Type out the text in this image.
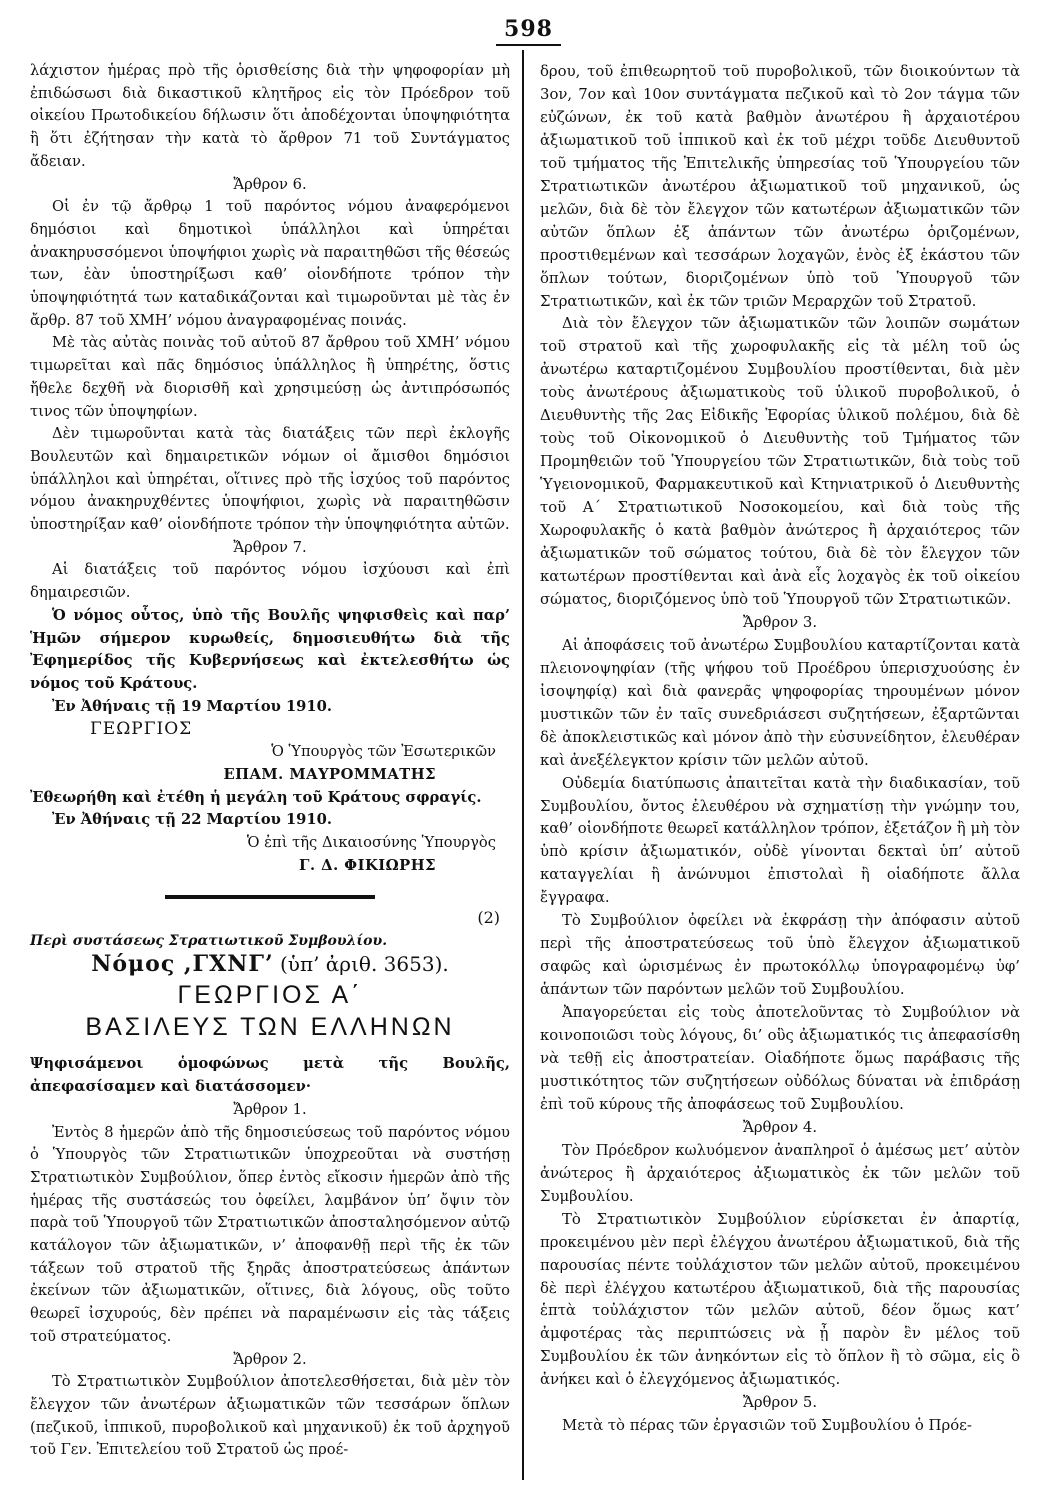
598

λάχιστον ἡμέρας πρὸ τῆς ὁρισθείσης διὰ τὴν ψηφοφορίαν μὴ ἐπιδώσωσι διὰ δικαστικοῦ κλητῆρος εἰς τὸν Πρόεδρον τοῦ οἰκείου Πρωτοδικείου δήλωσιν ὅτι ἀποδέχονται ὑποψηφιότητα ἢ ὅτι ἐζήτησαν τὴν κατὰ τὸ ἄρθρον 71 τοῦ Συντάγματος ἄδειαν.

Ἄρθρον 6.

Οἱ ἐν τῷ ἄρθρῳ 1 τοῦ παρόντος νόμου ἀναφερόμενοι δημόσιοι καὶ δημοτικοὶ ὑπάλληλοι καὶ ὑπηρέται ἀνακηρυσσόμενοι ὑποψήφιοι χωρὶς νὰ παραιτηθῶσι τῆς θέσεώς των, ἐὰν ὑποστηρίξωσι καθ’ οἱονδήποτε τρόπον τὴν ὑποψηφιότητά των καταδικάζονται καὶ τιμωροῦνται μὲ τὰς ἐν ἄρθρ. 87 τοῦ ΧΜΗ’ νόμου ἀναγραφομένας ποινάς.

Μὲ τὰς αὐτὰς ποινὰς τοῦ αὐτοῦ 87 ἄρθρου τοῦ ΧΜΗ’ νόμου τιμωρεῖται καὶ πᾶς δημόσιος ὑπάλληλος ἢ ὑπηρέτης, ὅστις ἤθελε δεχθῆ νὰ διορισθῆ καὶ χρησιμεύσῃ ὡς ἀντιπρόσωπός τινος τῶν ὑποψηφίων.

Δὲν τιμωροῦνται κατὰ τὰς διατάξεις τῶν περὶ ἐκλογῆς Βουλευτῶν καὶ δημαιρετικῶν νόμων οἱ ἄμισθοι δημόσιοι ὑπάλληλοι καὶ ὑπηρέται, οἵτινες πρὸ τῆς ἰσχύος τοῦ παρόντος νόμου ἀνακηρυχθέντες ὑποψήφιοι, χωρὶς νὰ παραιτηθῶσιν ὑποστηρίξαν καθ’ οἱονδήποτε τρόπον τὴν ὑποψηφιότητα αὐτῶν.

Ἄρθρον 7.

Αἱ διατάξεις τοῦ παρόντος νόμου ἰσχύουσι καὶ ἐπὶ δημαιρεσιῶν.

Ὁ νόμος οὗτος, ὑπὸ τῆς Βουλῆς ψηφισθεὶς καὶ παρ’ Ἡμῶν σήμερον κυρωθείς, δημοσιευθήτω διὰ τῆς Ἐφημερίδος τῆς Κυβερνήσεως καὶ ἐκτελεσθήτω ὡς νόμος τοῦ Κράτους.

Ἐν Ἀθήναις τῇ 19 Μαρτίου 1910.

ΓΕΩΡΓΙΟΣ

Ὁ Ὑπουργὸς τῶν Ἐσωτερικῶν

ΕΠΑΜ. ΜΑΥΡΟΜΜΑΤΗΣ

Ἐθεωρήθη καὶ ἐτέθη ἡ μεγάλη τοῦ Κράτους σφραγίς.

Ἐν Ἀθήναις τῇ 22 Μαρτίου 1910.

Ὁ ἐπὶ τῆς Δικαιοσύνης Ὑπουργὸς

Γ. Δ. ΦΙΚΙΩΡΗΣ

(2)

Περὶ συστάσεως Στρατιωτικοῦ Συμβουλίου.

Νόμος ,ΓΧΝΓ’ (ὑπ’ ἀριθ. 3653).

ΓΕΩΡΓΙΟΣ Α΄
ΒΑΣΙΛΕΥΣ ΤΩΝ ΕΛΛΗΝΩΝ

Ψηφισάμενοι ὁμοφώνως μετὰ τῆς Βουλῆς, ἀπεφασίσαμεν καὶ διατάσσομεν·

Ἄρθρον 1.

Ἐντὸς 8 ἡμερῶν ἀπὸ τῆς δημοσιεύσεως τοῦ παρόντος νόμου ὁ Ὑπουργὸς τῶν Στρατιωτικῶν ὑποχρεοῦται νὰ συστήσῃ Στρατιωτικὸν Συμβούλιον, ὅπερ ἐντὸς εἴκοσιν ἡμερῶν ἀπὸ τῆς ἡμέρας τῆς συστάσεώς του ὀφείλει, λαμβάνον ὑπ’ ὄψιν τὸν παρὰ τοῦ Ὑπουργοῦ τῶν Στρατιωτικῶν ἀποσταλησόμενον αὐτῷ κατάλογον τῶν ἀξιωματικῶν, ν’ ἀποφανθῇ περὶ τῆς ἐκ τῶν τάξεων τοῦ στρατοῦ τῆς ξηρᾶς ἀποστρατεύσεως ἁπάντων ἐκείνων τῶν ἀξιωματικῶν, οἵτινες, διὰ λόγους, οὓς τοῦτο θεωρεῖ ἰσχυρούς, δὲν πρέπει νὰ παραμένωσιν εἰς τὰς τάξεις τοῦ στρατεύματος.

Ἄρθρον 2.

Τὸ Στρατιωτικὸν Συμβούλιον ἀποτελεσθήσεται, διὰ μὲν τὸν ἔλεγχον τῶν ἀνωτέρων ἀξιωματικῶν τῶν τεσσάρων ὅπλων (πεζικοῦ, ἱππικοῦ, πυροβολικοῦ καὶ μηχανικοῦ) ἐκ τοῦ ἀρχηγοῦ τοῦ Γεν. Ἐπιτελείου τοῦ Στρατοῦ ὡς προέ-

δρου, τοῦ ἐπιθεωρητοῦ τοῦ πυροβολικοῦ, τῶν διοικούντων τὰ 3ον, 7ον καὶ 10ον συντάγματα πεζικοῦ καὶ τὸ 2ον τάγμα τῶν εὐζώνων, ἐκ τοῦ κατὰ βαθμὸν ἀνωτέρου ἢ ἀρχαιοτέρου ἀξιωματικοῦ τοῦ ἱππικοῦ καὶ ἐκ τοῦ μέχρι τοῦδε Διευθυντοῦ τοῦ τμήματος τῆς Ἐπιτελικῆς ὑπηρεσίας τοῦ Ὑπουργείου τῶν Στρατιωτικῶν ἀνωτέρου ἀξιωματικοῦ τοῦ μηχανικοῦ, ὡς μελῶν, διὰ δὲ τὸν ἔλεγχον τῶν κατωτέρων ἀξιωματικῶν τῶν αὐτῶν ὅπλων ἐξ ἁπάντων τῶν ἀνωτέρω ὁριζομένων, προστιθεμένων καὶ τεσσάρων λοχαγῶν, ἑνὸς ἐξ ἑκάστου τῶν ὅπλων τούτων, διοριζομένων ὑπὸ τοῦ Ὑπουργοῦ τῶν Στρατιωτικῶν, καὶ ἐκ τῶν τριῶν Μεραρχῶν τοῦ Στρατοῦ.

Διὰ τὸν ἔλεγχον τῶν ἀξιωματικῶν τῶν λοιπῶν σωμάτων τοῦ στρατοῦ καὶ τῆς χωροφυλακῆς εἰς τὰ μέλη τοῦ ὡς ἀνωτέρω καταρτιζομένου Συμβουλίου προστίθενται, διὰ μὲν τοὺς ἀνωτέρους ἀξιωματικοὺς τοῦ ὑλικοῦ πυροβολικοῦ, ὁ Διευθυντὴς τῆς 2ας Εἰδικῆς Ἐφορίας ὑλικοῦ πολέμου, διὰ δὲ τοὺς τοῦ Οἰκονομικοῦ ὁ Διευθυντὴς τοῦ Τμήματος τῶν Προμηθειῶν τοῦ Ὑπουργείου τῶν Στρατιωτικῶν, διὰ τοὺς τοῦ Ὑγειονομικοῦ, Φαρμακευτικοῦ καὶ Κτηνιατρικοῦ ὁ Διευθυντὴς τοῦ Α΄ Στρατιωτικοῦ Νοσοκομείου, καὶ διὰ τοὺς τῆς Χωροφυλακῆς ὁ κατὰ βαθμὸν ἀνώτερος ἢ ἀρχαιότερος τῶν ἀξιωματικῶν τοῦ σώματος τούτου, διὰ δὲ τὸν ἔλεγχον τῶν κατωτέρων προστίθενται καὶ ἀνὰ εἷς λοχαγὸς ἐκ τοῦ οἰκείου σώματος, διοριζόμενος ὑπὸ τοῦ Ὑπουργοῦ τῶν Στρατιωτικῶν.

Ἄρθρον 3.

Αἱ ἀποφάσεις τοῦ ἀνωτέρω Συμβουλίου καταρτίζονται κατὰ πλειονοψηφίαν (τῆς ψήφου τοῦ Προέδρου ὑπερισχυούσης ἐν ἰσοψηφίᾳ) καὶ διὰ φανερᾶς ψηφοφορίας τηρουμένων μόνον μυστικῶν τῶν ἐν ταῖς συνεδριάσεσι συζητήσεων, ἐξαρτῶνται δὲ ἀποκλειστικῶς καὶ μόνον ἀπὸ τὴν εὐσυνείδητον, ἐλευθέραν καὶ ἀνεξέλεγκτον κρίσιν τῶν μελῶν αὐτοῦ.

Οὐδεμία διατύπωσις ἀπαιτεῖται κατὰ τὴν διαδικασίαν, τοῦ Συμβουλίου, ὄντος ἐλευθέρου νὰ σχηματίσῃ τὴν γνώμην του, καθ’ οἱονδήποτε θεωρεῖ κατάλληλον τρόπον, ἐξετάζον ἢ μὴ τὸν ὑπὸ κρίσιν ἀξιωματικόν, οὐδὲ γίνονται δεκταὶ ὑπ’ αὐτοῦ καταγγελίαι ἢ ἀνώνυμοι ἐπιστολαὶ ἢ οἱαδήποτε ἄλλα ἔγγραφα.

Τὸ Συμβούλιον ὀφείλει νὰ ἐκφράσῃ τὴν ἀπόφασιν αὐτοῦ περὶ τῆς ἀποστρατεύσεως τοῦ ὑπὸ ἔλεγχον ἀξιωματικοῦ σαφῶς καὶ ὡρισμένως ἐν πρωτοκόλλῳ ὑπογραφομένῳ ὑφ’ ἁπάντων τῶν παρόντων μελῶν τοῦ Συμβουλίου.

Ἀπαγορεύεται εἰς τοὺς ἀποτελοῦντας τὸ Συμβούλιον νὰ κοινοποιῶσι τοὺς λόγους, δι’ οὓς ἀξιωματικός τις ἀπεφασίσθη νὰ τεθῇ εἰς ἀποστρατείαν. Οἱαδήποτε ὅμως παράβασις τῆς μυστικότητος τῶν συζητήσεων οὐδόλως δύναται νὰ ἐπιδράσῃ ἐπὶ τοῦ κύρους τῆς ἀποφάσεως τοῦ Συμβουλίου.

Ἄρθρον 4.

Τὸν Πρόεδρον κωλυόμενον ἀναπληροῖ ὁ ἀμέσως μετ’ αὐτὸν ἀνώτερος ἢ ἀρχαιότερος ἀξιωματικὸς ἐκ τῶν μελῶν τοῦ Συμβουλίου.

Τὸ Στρατιωτικὸν Συμβούλιον εὑρίσκεται ἐν ἀπαρτίᾳ, προκειμένου μὲν περὶ ἐλέγχου ἀνωτέρου ἀξιωματικοῦ, διὰ τῆς παρουσίας πέντε τοὐλάχιστον τῶν μελῶν αὐτοῦ, προκειμένου δὲ περὶ ἐλέγχου κατωτέρου ἀξιωματικοῦ, διὰ τῆς παρουσίας ἑπτὰ τοὐλάχιστον τῶν μελῶν αὐτοῦ, δέον ὅμως κατ’ ἀμφοτέρας τὰς περιπτώσεις νὰ ᾖ παρὸν ἓν μέλος τοῦ Συμβουλίου ἐκ τῶν ἀνηκόντων εἰς τὸ ὅπλον ἢ τὸ σῶμα, εἰς ὃ ἀνήκει καὶ ὁ ἐλεγχόμενος ἀξιωματικός.

Ἄρθρον 5.

Μετὰ τὸ πέρας τῶν ἐργασιῶν τοῦ Συμβουλίου ὁ Πρόε-
